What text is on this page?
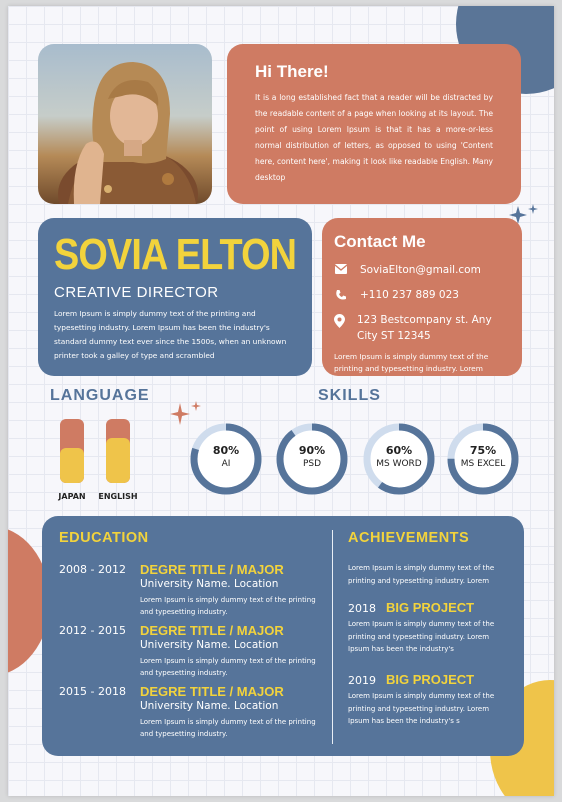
Hi There!
It is a long established fact that a reader will be distracted by the readable content of a page when looking at its layout. The point of using Lorem Ipsum is that it has a more-or-less normal distribution of letters, as opposed to using 'Content here, content here', making it look like readable English. Many desktop
SOVIA ELTON
CREATIVE DIRECTOR
Lorem Ipsum is simply dummy text of the printing and typesetting industry. Lorem Ipsum has been the industry's standard dummy text ever since the 1500s, when an unknown printer took a galley of type and scrambled
Contact Me
SoviaElton@gmail.com
+110 237 889 023
123 Bestcompany st. Any City ST 12345
Lorem Ipsum is simply dummy text of the printing and typesetting industry. Lorem
LANGUAGE	SKILLS
JAPAN ENGLISH
80%
AI
90%
PSD
60%
MS WORD
75%
MS EXCEL
EDUCATION	ACHIEVEMENTS
2008 - 2012 DEGRE TITLE / MAJOR
University Name. Location
Lorem Ipsum is simply dummy text of the printing and typesetting industry.
2012 - 2015 DEGRE TITLE / MAJOR
University Name. Location
Lorem Ipsum is simply dummy text of the printing and typesetting industry.
2015 - 2018 DEGRE TITLE / MAJOR
University Name. Location
Lorem Ipsum is simply dummy text of the printing and typesetting industry.
Lorem Ipsum is simply dummy text of the printing and typesetting industry. Lorem
2018 BIG PROJECT
Lorem Ipsum is simply dummy text of the printing and typesetting industry. Lorem Ipsum has been the industry's
2019 BIG PROJECT
Lorem Ipsum is simply dummy text of the printing and typesetting industry. Lorem Ipsum has been the industry's s
